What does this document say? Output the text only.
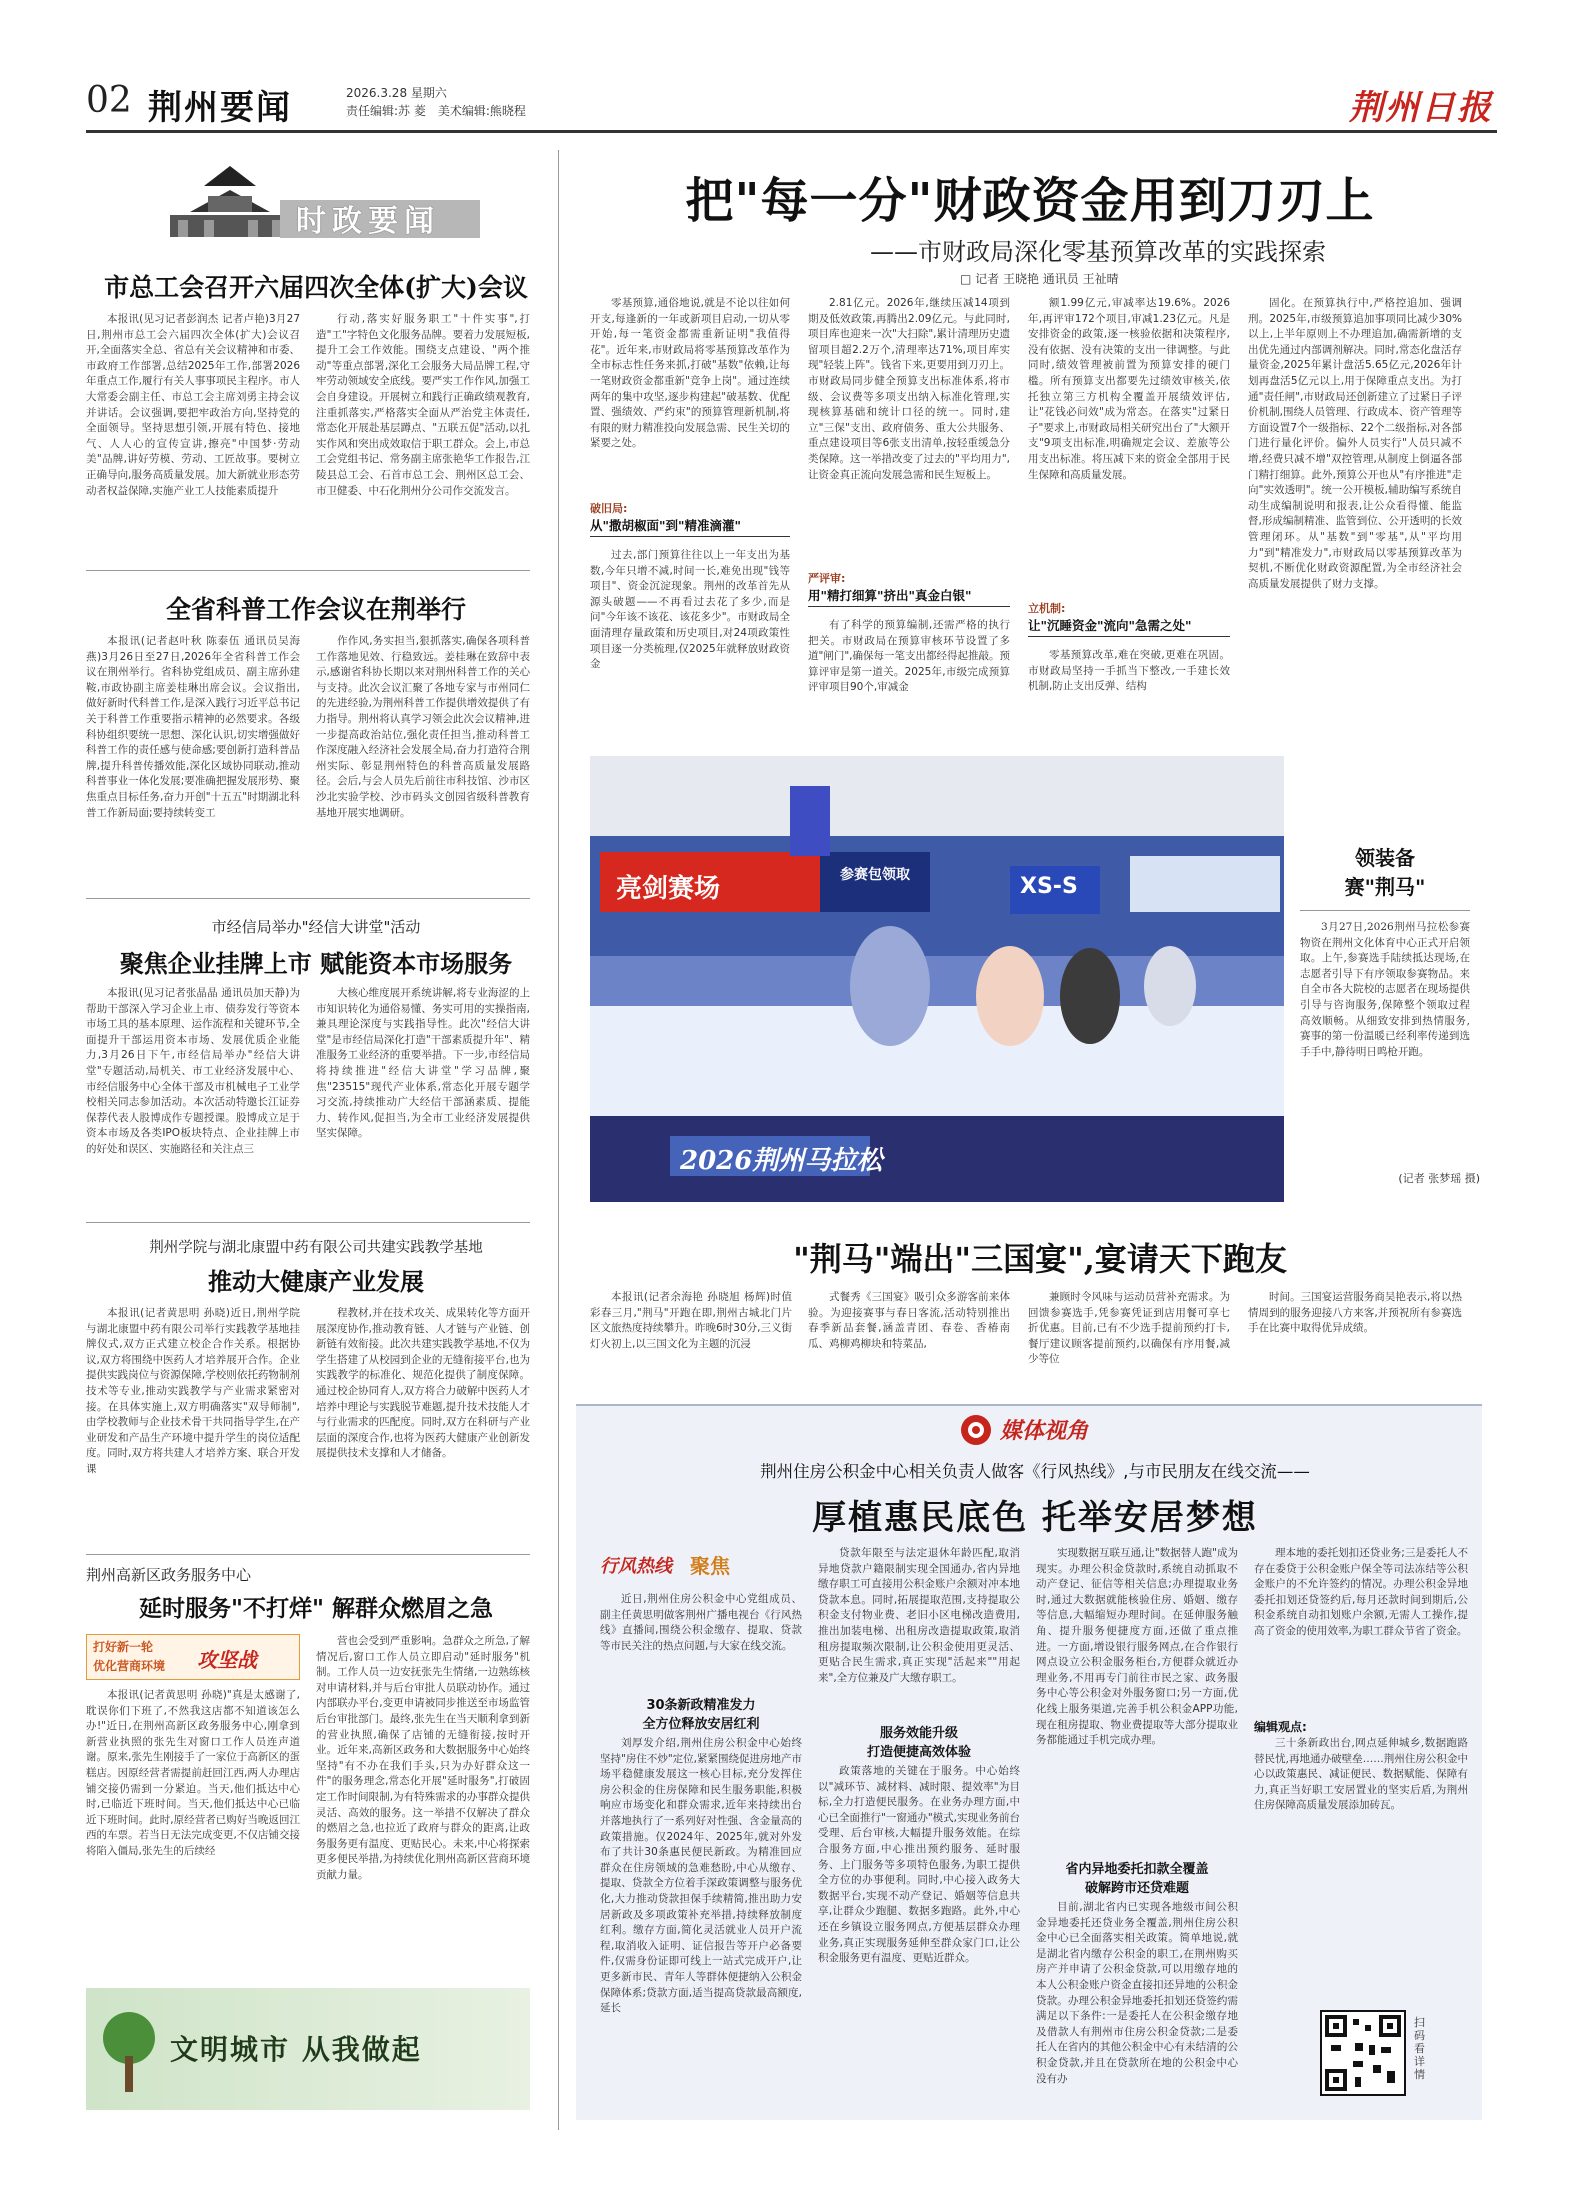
02 荆州要闻	2026.3.28 星期六
责任编辑:苏 菱　美术编辑:熊晓程	荆州日报
时政要闻
市总工会召开六届四次全体(扩大)会议

本报讯(见习记者彭润杰 记者卢艳)3月27日,荆州市总工会六届四次全体(扩大)会议召开,全面落实全总、省总有关会议精神和市委、市政府工作部署,总结2025年工作,部署2026年重点工作,履行有关人事事项民主程序。市人大常委会副主任、市总工会主席刘勇主持会议并讲话。会议强调,要把牢政治方向,坚持党的全面领导。坚持思想引领,开展有特色、接地气、人人心的宣传宣讲,擦亮"中国梦·劳动美"品牌,讲好劳模、劳动、工匠故事。要树立正确导向,服务高质量发展。加大新就业形态劳动者权益保障,实施产业工人技能素质提升

行动,落实好服务职工"十件实事",打造"工"字特色文化服务品牌。要着力发展短板,提升工会工作效能。围绕支点建设、"两个推动"等重点部署,深化工会服务大局品牌工程,守牢劳动领域安全底线。要严实工作作风,加强工会自身建设。开展树立和践行正确政绩观教育,注重抓落实,严格落实全面从严治党主体责任,常态化开展赴基层蹲点、"五联五促"活动,以扎实作风和突出成效取信于职工群众。会上,市总工会党组书记、常务副主席张艳华工作报告,江陵县总工会、石首市总工会、荆州区总工会、市卫健委、中石化荆州分公司作交流发言。

全省科普工作会议在荆举行

本报讯(记者赵叶秋 陈泰伍 通讯员吴海燕)3月26日至27日,2026年全省科普工作会议在荆州举行。省科协党组成员、副主席孙建鞍,市政协副主席姜桂琳出席会议。会议指出,做好新时代科普工作,是深入践行习近平总书记关于科普工作重要指示精神的必然要求。各级科协组织要统一思想、深化认识,切实增强做好科普工作的责任感与使命感;要创新打造科普品牌,提升科普传播效能,深化区域协同联动,推动科普事业一体化发展;要准确把握发展形势、聚焦重点目标任务,奋力开创"十五五"时期湖北科普工作新局面;要持续转变工

作作风,务实担当,狠抓落实,确保各项科普工作落地见效、行稳致远。姜桂琳在致辞中表示,感谢省科协长期以来对荆州科普工作的关心与支持。此次会议汇聚了各地专家与市州同仁的先进经验,为荆州科普工作提供增效提供了有力指导。荆州将认真学习领会此次会议精神,进一步提高政治站位,强化责任担当,推动科普工作深度融入经济社会发展全局,奋力打造符合荆州实际、彰显荆州特色的科普高质量发展路径。会后,与会人员先后前往市科技馆、沙市区沙北实验学校、沙市码头文创园省级科普教育基地开展实地调研。

市经信局举办"经信大讲堂"活动
聚焦企业挂牌上市 赋能资本市场服务

本报讯(见习记者张晶晶 通讯员加天静)为帮助干部深入学习企业上市、债券发行等资本市场工具的基本原理、运作流程和关键环节,全面提升干部运用资本市场、发展优质企业能力,3月26日下午,市经信局举办"经信大讲堂"专题活动,局机关、市工业经济发展中心、市经信服务中心全体干部及市机械电子工业学校相关同志参加活动。本次活动特邀长江证券保荐代表人股博成作专题授课。股博成立足于资本市场及各类IPO板块特点、企业挂牌上市的好处和误区、实施路径和关注点三

大核心维度展开系统讲解,将专业海涩的上市知识转化为通俗易懂、务实可用的实操指南,兼具理论深度与实践指导性。此次"经信大讲堂"是市经信局深化打造"干部素质提升年"、精准服务工业经济的重要举措。下一步,市经信局将持续推进"经信大讲堂"学习品牌,聚焦"23515"现代产业体系,常态化开展专题学习交流,持续推动广大经信干部涵素质、提能力、转作风,促担当,为全市工业经济发展提供坚实保障。

荆州学院与湖北康盟中药有限公司共建实践教学基地
推动大健康产业发展

本报讯(记者黄思明 孙晓)近日,荆州学院与湖北康盟中药有限公司举行实践教学基地挂牌仪式,双方正式建立校企合作关系。根据协议,双方将围绕中医药人才培养展开合作。企业提供实践岗位与资源保障,学校则依托药物制剂技术等专业,推动实践教学与产业需求紧密对接。在具体实施上,双方明确落实"双导师制",由学校教师与企业技术骨干共同指导学生,在产业研发和产品生产环境中提升学生的岗位适配度。同时,双方将共建人才培养方案、联合开发课

程教材,并在技术攻关、成果转化等方面开展深度协作,推动教育链、人才链与产业链、创新链有效衔接。此次共建实践教学基地,不仅为学生搭建了从校园到企业的无缝衔接平台,也为实践教学的标准化、规范化提供了制度保障。通过校企协同育人,双方将合力破解中医药人才培养中理论与实践脱节难题,提升技术技能人才与行业需求的匹配度。同时,双方在科研与产业层面的深度合作,也将为医药大健康产业创新发展提供技术支撑和人才储备。

荆州高新区政务服务中心
延时服务"不打烊" 解群众燃眉之急
打好新一轮
优化营商环境 攻坚战

本报讯(记者黄思明 孙晓)"真是太感谢了,耽误你们下班了,不然我这店都不知道该怎么办!"近日,在荆州高新区政务服务中心,刚拿到新营业执照的张先生对窗口工作人员连声道谢。原来,张先生刚接手了一家位于高新区的蛋糕店。因原经营者需提前赶回江西,两人办理店铺交接仍需到一分紧迫。当天,他们抵达中心时,已临近下班时间。当天,他们抵达中心已临近下班时间。此时,原经营者已购好当晚返回江西的车票。若当日无法完成变更,不仅店铺交接将陷入僵局,张先生的后续经

营也会受到严重影响。急群众之所急,了解情况后,窗口工作人员立即启动"延时服务"机制。工作人员一边安抚张先生情绪,一边熟练核对申请材料,并与后台审批人员联动协作。通过内部联办平台,变更申请被同步推送至市场监管后台审批部门。最终,张先生在当天顺利拿到新的营业执照,确保了店铺的无缝衔接,按时开业。近年来,高新区政务和大数据服务中心始终坚持"有不办在我们手头,只为办好群众这一件"的服务理念,常态化开展"延时服务",打破固定工作时间限制,为有特殊需求的办事群众提供灵活、高效的服务。这一举措不仅解决了群众的燃眉之急,也拉近了政府与群众的距离,让政务服务更有温度、更贴民心。未来,中心将探索更多便民举措,为持续优化荆州高新区营商环境贡献力量。

文明城市 从我做起
把"每一分"财政资金用到刀刃上
——市财政局深化零基预算改革的实践探索
□ 记者 王晓艳 通讯员 王祉晴

零基预算,通俗地说,就是不论以往如何开支,每逢新的一年或新项目启动,一切从零开始,每一笔资金都需重新证明"我值得花"。近年来,市财政局将零基预算改革作为全市标志性任务来抓,打破"基数"依赖,让每一笔财政资金都重新"竞争上岗"。通过连续两年的集中攻坚,逐步构建起"破基数、优配置、强绩效、严约束"的预算管理新机制,将有限的财力精准投向发展急需、民生关切的紧要之处。

破旧局:
从"撒胡椒面"到"精准滴灌"

过去,部门预算往往以上一年支出为基数,今年只增不减,时间一长,难免出现"钱等项目"、资金沉淀现象。荆州的改革首先从源头破题——不再看过去花了多少,而是问"今年该不该花、该花多少"。市财政局全面清理存量政策和历史项目,对24项政策性项目逐一分类梳理,仅2025年就释放财政资金

2.81亿元。2026年,继续压减14项到期及低效政策,再腾出2.09亿元。与此同时,项目库也迎来一次"大扫除",累计清理历史遗留项目超2.2万个,清理率达71%,项目库实现"轻装上阵"。钱省下来,更要用到刀刃上。市财政局同步健全预算支出标准体系,将市级、会议费等多项支出纳入标准化管理,实现核算基础和统计口径的统一。同时,建立"三保"支出、政府债务、重大公共服务、重点建设项目等6张支出清单,按轻重缓急分类保障。这一举措改变了过去的"平均用力",让资金真正流向发展急需和民生短板上。

严评审:
用"精打细算"挤出"真金白银"

有了科学的预算编制,还需严格的执行把关。市财政局在预算审核环节设置了多道"闸门",确保每一笔支出都经得起推敲。预算评审是第一道关。2025年,市级完成预算评审项目90个,审减金

额1.99亿元,审减率达19.6%。2026年,再评审172个项目,审减1.23亿元。凡是安排资金的政策,逐一核验依据和决策程序,没有依据、没有决策的支出一律调整。与此同时,绩效管理被前置为预算安排的硬门槛。所有预算支出都要先过绩效审核关,依托独立第三方机构全覆盖开展绩效评估,让"花钱必问效"成为常态。在落实"过紧日子"要求上,市财政局相关研究出台了"大额开支"9项支出标准,明确规定会议、差旅等公用支出标准。将压减下来的资金全部用于民生保障和高质量发展。

立机制:
让"沉睡资金"流向"急需之处"

零基预算改革,难在突破,更难在巩固。市财政局坚持一手抓当下整改,一手建长效机制,防止支出反弹、结构

固化。在预算执行中,严格控追加、强调刑。2025年,市级预算追加事项同比减少30%以上,上半年原则上不办理追加,确需新增的支出优先通过内部调剂解决。同时,常态化盘活存量资金,2025年累计盘活5.65亿元,2026年计划再盘活5亿元以上,用于保障重点支出。为打通"责任闸",市财政局还创新建立了过紧日子评价机制,围绕人员管理、行政成本、资产管理等方面设置7个一级指标、22个二级指标,对各部门进行量化评价。偏外人员实行"人员只减不增,经费只减不增"双控管理,从制度上倒逼各部门精打细算。此外,预算公开也从"有序推进"走向"实效透明"。统一公开模板,辅助编写系统自动生成编制说明和报表,让公众看得懂、能监督,形成编制精准、监管到位、公开透明的长效管理闭环。从"基数"到"零基",从"平均用力"到"精准发力",市财政局以零基预算改革为契机,不断优化财政资源配置,为全市经济社会高质量发展提供了财力支撑。

参赛包领取
亮剑赛场	XS-S
2026荆州马拉松
领装备
赛"荆马"

3月27日,2026荆州马拉松参赛物资在荆州文化体育中心正式开启领取。上午,参赛选手陆续抵达现场,在志愿者引导下有序领取参赛物品。来自全市各大院校的志愿者在现场提供引导与咨询服务,保障整个领取过程高效顺畅。从细致安排到热情服务,赛事的第一份温暖已经利率传递到选手手中,静待明日鸣枪开跑。

(记者 张梦瑶 摄)
"荆马"端出"三国宴",宴请天下跑友

本报讯(记者余海艳 孙晓旭 杨辉)时值彩春三月,"荆马"开跑在即,荆州古城北门片区文旅热度持续攀升。昨晚6时30分,三义街灯火初上,以三国文化为主题的沉浸

式餐秀《三国宴》吸引众多游客前来体验。为迎接赛事与春日客流,活动特别推出春季新品套餐,涵盖青团、春卷、香椿南瓜、鸡柳鸡柳块和特菜品,

兼顾时令风味与运动员营补充需求。为回馈参赛选手,凭参赛凭证到店用餐可享七折优惠。目前,已有不少选手提前预约打卡,餐厅建议顾客提前预约,以确保有序用餐,减少等位

时间。三国宴运营服务商吴艳表示,将以热情周到的服务迎接八方来客,并预祝所有参赛选手在比赛中取得优异成绩。

媒体视角
荆州住房公积金中心相关负责人做客《行风热线》,与市民朋友在线交流——
厚植惠民底色 托举安居梦想
行风热线 聚焦

近日,荆州住房公积金中心党组成员、副主任黄思明做客荆州广播电视台《行风热线》直播间,围绕公积金缴存、提取、贷款等市民关注的热点问题,与大家在线交流。

30条新政精准发力
全方位释放安居红利

刘厚发介绍,荆州住房公积金中心始终坚持"房住不炒"定位,紧紧围绕促进房地产市场平稳健康发展这一核心目标,充分发挥住房公积金的住房保障和民生服务职能,积极响应市场变化和群众需求,近年来持续出台并落地执行了一系列好对性强、含金量高的政策措施。仅2024年、2025年,就对外发布了共计30条惠民便民新政。为精准回应群众在住房领域的急难愁盼,中心从缴存、提取、贷款全方位着手深政策调整与服务优化,大力推动贷款担保手续精简,推出助力安居新政及多项政策补充举措,持续释放制度红利。缴存方面,简化灵活就业人员开户流程,取消收入证明、证信报告等开户必备要件,仅需身份证即可线上一站式完成开户,让更多新市民、青年人等群体便捷纳入公积金保障体系;贷款方面,适当提高贷款最高额度,延长

贷款年限至与法定退休年龄匹配,取消异地贷款户籍限制实现全国通办,省内异地缴存职工可直接用公积金账户余额对冲本地贷款本息。同时,拓展提取范围,支持提取公积金支付物业费、老旧小区电梯改造费用,推出加装电梯、出租房改造提取政策,取消租房提取频次限制,让公积金使用更灵活、更贴合民生需求,真正实现"活起来""用起来",全方位兼及广大缴存职工。

服务效能升级
打造便捷高效体验

政策落地的关键在于服务。中心始终以"减环节、减材料、减时限、提效率"为目标,全力打造便民服务。在业务办理方面,中心已全面推行"一窗通办"模式,实现业务前台受理、后台审核,大幅提升服务效能。在综合服务方面,中心推出预约服务、延时服务、上门服务等多项特色服务,为职工提供全方位的办事便利。同时,中心接入政务大数据平台,实现不动产登记、婚姻等信息共享,让群众少跑腿、数据多跑路。此外,中心还在乡镇设立服务网点,方便基层群众办理业务,真正实现服务延伸至群众家门口,让公积金服务更有温度、更贴近群众。

实现数据互联互通,让"数据替人跑"成为现实。办理公积金贷款时,系统自动抓取不动产登记、征信等相关信息;办理提取业务时,通过大数据就能核验住房、婚姻、缴存等信息,大幅缩短办理时间。在延伸服务触角、提升服务便捷度方面,还做了重点推进。一方面,增设银行服务网点,在合作银行网点设立公积金服务柜台,方便群众就近办理业务,不用再专门前往市民之家、政务服务中心等公积金对外服务窗口;另一方面,优化线上服务渠道,完善手机公积金APP功能,现在租房提取、物业费提取等大部分提取业务都能通过手机完成办理。

省内异地委托扣款全覆盖
破解跨市还贷难题

目前,湖北省内已实现各地级市间公积金异地委托还贷业务全覆盖,荆州住房公积金中心已全面落实相关政策。简单地说,就是湖北省内缴存公积金的职工,在荆州购买房产并申请了公积金贷款,可以用缴存地的本人公积金账户资金直接扣还异地的公积金贷款。办理公积金异地委托扣划还贷签约需满足以下条件:一是委托人在公积金缴存地及借款人有荆州市住房公积金贷款;二是委托人在省内的其他公积金中心有未结清的公积金贷款,并且在贷款所在地的公积金中心没有办

理本地的委托划扣还贷业务;三是委托人不存在委贷于公积金账户保全等司法冻结等公积金账户的不允许签约的情况。办理公积金异地委托扣划还贷签约后,每月还款时间到期后,公积金系统自动扣划账户余额,无需人工操作,提高了资金的使用效率,为职工群众节省了资金。

编辑观点:

三十条新政出台,网点延伸城乡,数据跑路替民忧,再地通办破壁垒……荆州住房公积金中心以政策惠民、减证便民、数据赋能、保障有力,真正当好职工安居置业的坚实后盾,为荆州住房保障高质量发展添加砖瓦。

扫码看详情
